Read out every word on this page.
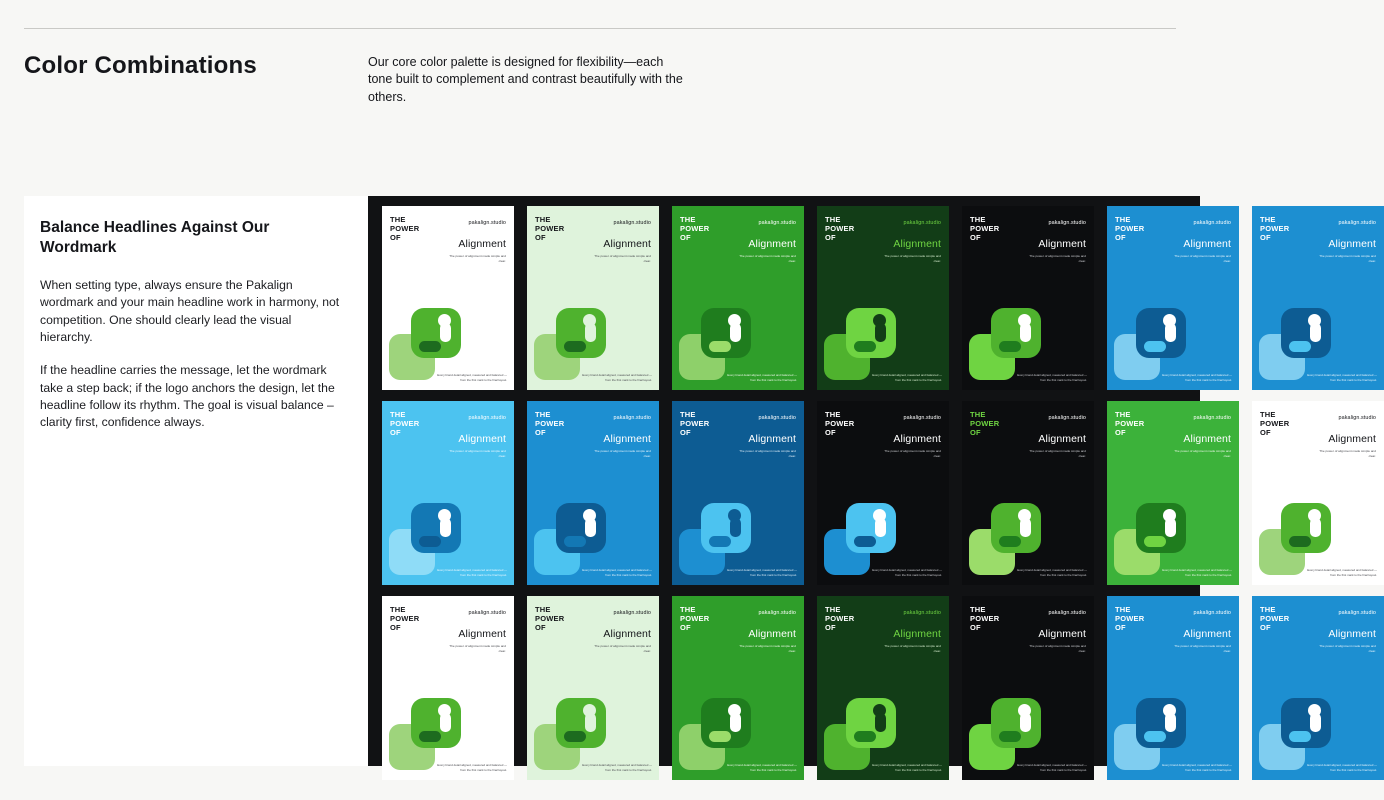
Color Combinations	Our core color palette is designed for flexibility—each tone built to complement and contrast beautifully with the others.
Balance Headlines Against Our Wordmark

When setting type, always ensure the Pakalign wordmark and your main headline work in harmony, not competition. One should clearly lead the visual hierarchy.

If the headline carries the message, let the wordmark take a step back; if the logo anchors the design, let the headline follow its rhythm. The goal is visual balance – clarity first, confidence always.

THE
POWER
OF
pakalign.studio
Alignment
The power of alignment made simple and clear.
Every brand detail aligned, measured and balanced — from the first mark to the final layout.
THE
POWER
OF
pakalign.studio
Alignment
The power of alignment made simple and clear.
Every brand detail aligned, measured and balanced — from the first mark to the final layout.
THE
POWER
OF
pakalign.studio
Alignment
The power of alignment made simple and clear.
Every brand detail aligned, measured and balanced — from the first mark to the final layout.
THE
POWER
OF
pakalign.studio
Alignment
The power of alignment made simple and clear.
Every brand detail aligned, measured and balanced — from the first mark to the final layout.
THE
POWER
OF
pakalign.studio
Alignment
The power of alignment made simple and clear.
Every brand detail aligned, measured and balanced — from the first mark to the final layout.
THE
POWER
OF
pakalign.studio
Alignment
The power of alignment made simple and clear.
Every brand detail aligned, measured and balanced — from the first mark to the final layout.
THE
POWER
OF
pakalign.studio
Alignment
The power of alignment made simple and clear.
Every brand detail aligned, measured and balanced — from the first mark to the final layout.
THE
POWER
OF
pakalign.studio
Alignment
The power of alignment made simple and clear.
Every brand detail aligned, measured and balanced — from the first mark to the final layout.
THE
POWER
OF
pakalign.studio
Alignment
The power of alignment made simple and clear.
Every brand detail aligned, measured and balanced — from the first mark to the final layout.
THE
POWER
OF
pakalign.studio
Alignment
The power of alignment made simple and clear.
Every brand detail aligned, measured and balanced — from the first mark to the final layout.
THE
POWER
OF
pakalign.studio
Alignment
The power of alignment made simple and clear.
Every brand detail aligned, measured and balanced — from the first mark to the final layout.
THE
POWER
OF
pakalign.studio
Alignment
The power of alignment made simple and clear.
Every brand detail aligned, measured and balanced — from the first mark to the final layout.
THE
POWER
OF
pakalign.studio
Alignment
The power of alignment made simple and clear.
Every brand detail aligned, measured and balanced — from the first mark to the final layout.
THE
POWER
OF
pakalign.studio
Alignment
The power of alignment made simple and clear.
Every brand detail aligned, measured and balanced — from the first mark to the final layout.
THE
POWER
OF
pakalign.studio
Alignment
The power of alignment made simple and clear.
Every brand detail aligned, measured and balanced — from the first mark to the final layout.
THE
POWER
OF
pakalign.studio
Alignment
The power of alignment made simple and clear.
Every brand detail aligned, measured and balanced — from the first mark to the final layout.
THE
POWER
OF
pakalign.studio
Alignment
The power of alignment made simple and clear.
Every brand detail aligned, measured and balanced — from the first mark to the final layout.
THE
POWER
OF
pakalign.studio
Alignment
The power of alignment made simple and clear.
Every brand detail aligned, measured and balanced — from the first mark to the final layout.
THE
POWER
OF
pakalign.studio
Alignment
The power of alignment made simple and clear.
Every brand detail aligned, measured and balanced — from the first mark to the final layout.
THE
POWER
OF
pakalign.studio
Alignment
The power of alignment made simple and clear.
Every brand detail aligned, measured and balanced — from the first mark to the final layout.
THE
POWER
OF
pakalign.studio
Alignment
The power of alignment made simple and clear.
Every brand detail aligned, measured and balanced — from the first mark to the final layout.
